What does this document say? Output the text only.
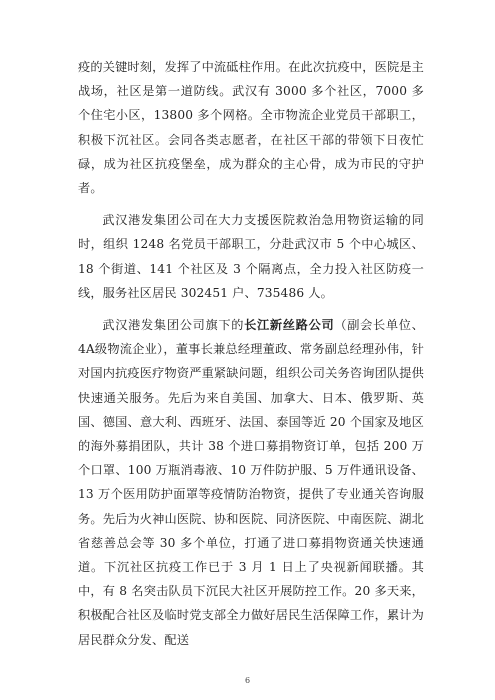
疫的关键时刻，发挥了中流砥柱作用。在此次抗疫中，医院是主战场，社区是第一道防线。武汉有 3000 多个社区，7000 多个住宅小区，13800 多个网格。全市物流企业党员干部职工，积极下沉社区。会同各类志愿者，在社区干部的带领下日夜忙碌，成为社区抗疫堡垒，成为群众的主心骨，成为市民的守护者。

武汉港发集团公司在大力支援医院救治急用物资运输的同时，组织 1248 名党员干部职工，分赴武汉市 5 个中心城区、18 个街道、141 个社区及 3 个隔离点，全力投入社区防疫一线，服务社区居民 302451 户、735486 人。

武汉港发集团公司旗下的长江新丝路公司（副会长单位、4A级物流企业），董事长兼总经理董政、常务副总经理孙伟，针对国内抗疫医疗物资严重紧缺问题，组织公司关务咨询团队提供快速通关服务。先后为来自美国、加拿大、日本、俄罗斯、英国、德国、意大利、西班牙、法国、泰国等近 20 个国家及地区的海外募捐团队，共计 38 个进口募捐物资订单，包括 200 万个口罩、100 万瓶消毒液、10 万件防护服、5 万件通讯设备、13 万个医用防护面罩等疫情防治物资，提供了专业通关咨询服务。先后为火神山医院、协和医院、同济医院、中南医院、湖北省慈善总会等 30 多个单位，打通了进口募捐物资通关快速通道。下沉社区抗疫工作已于 3 月 1 日上了央视新闻联播。其中，有 8 名突击队员下沉民大社区开展防控工作。20 多天来，积极配合社区及临时党支部全力做好居民生活保障工作，累计为居民群众分发、配送

6
